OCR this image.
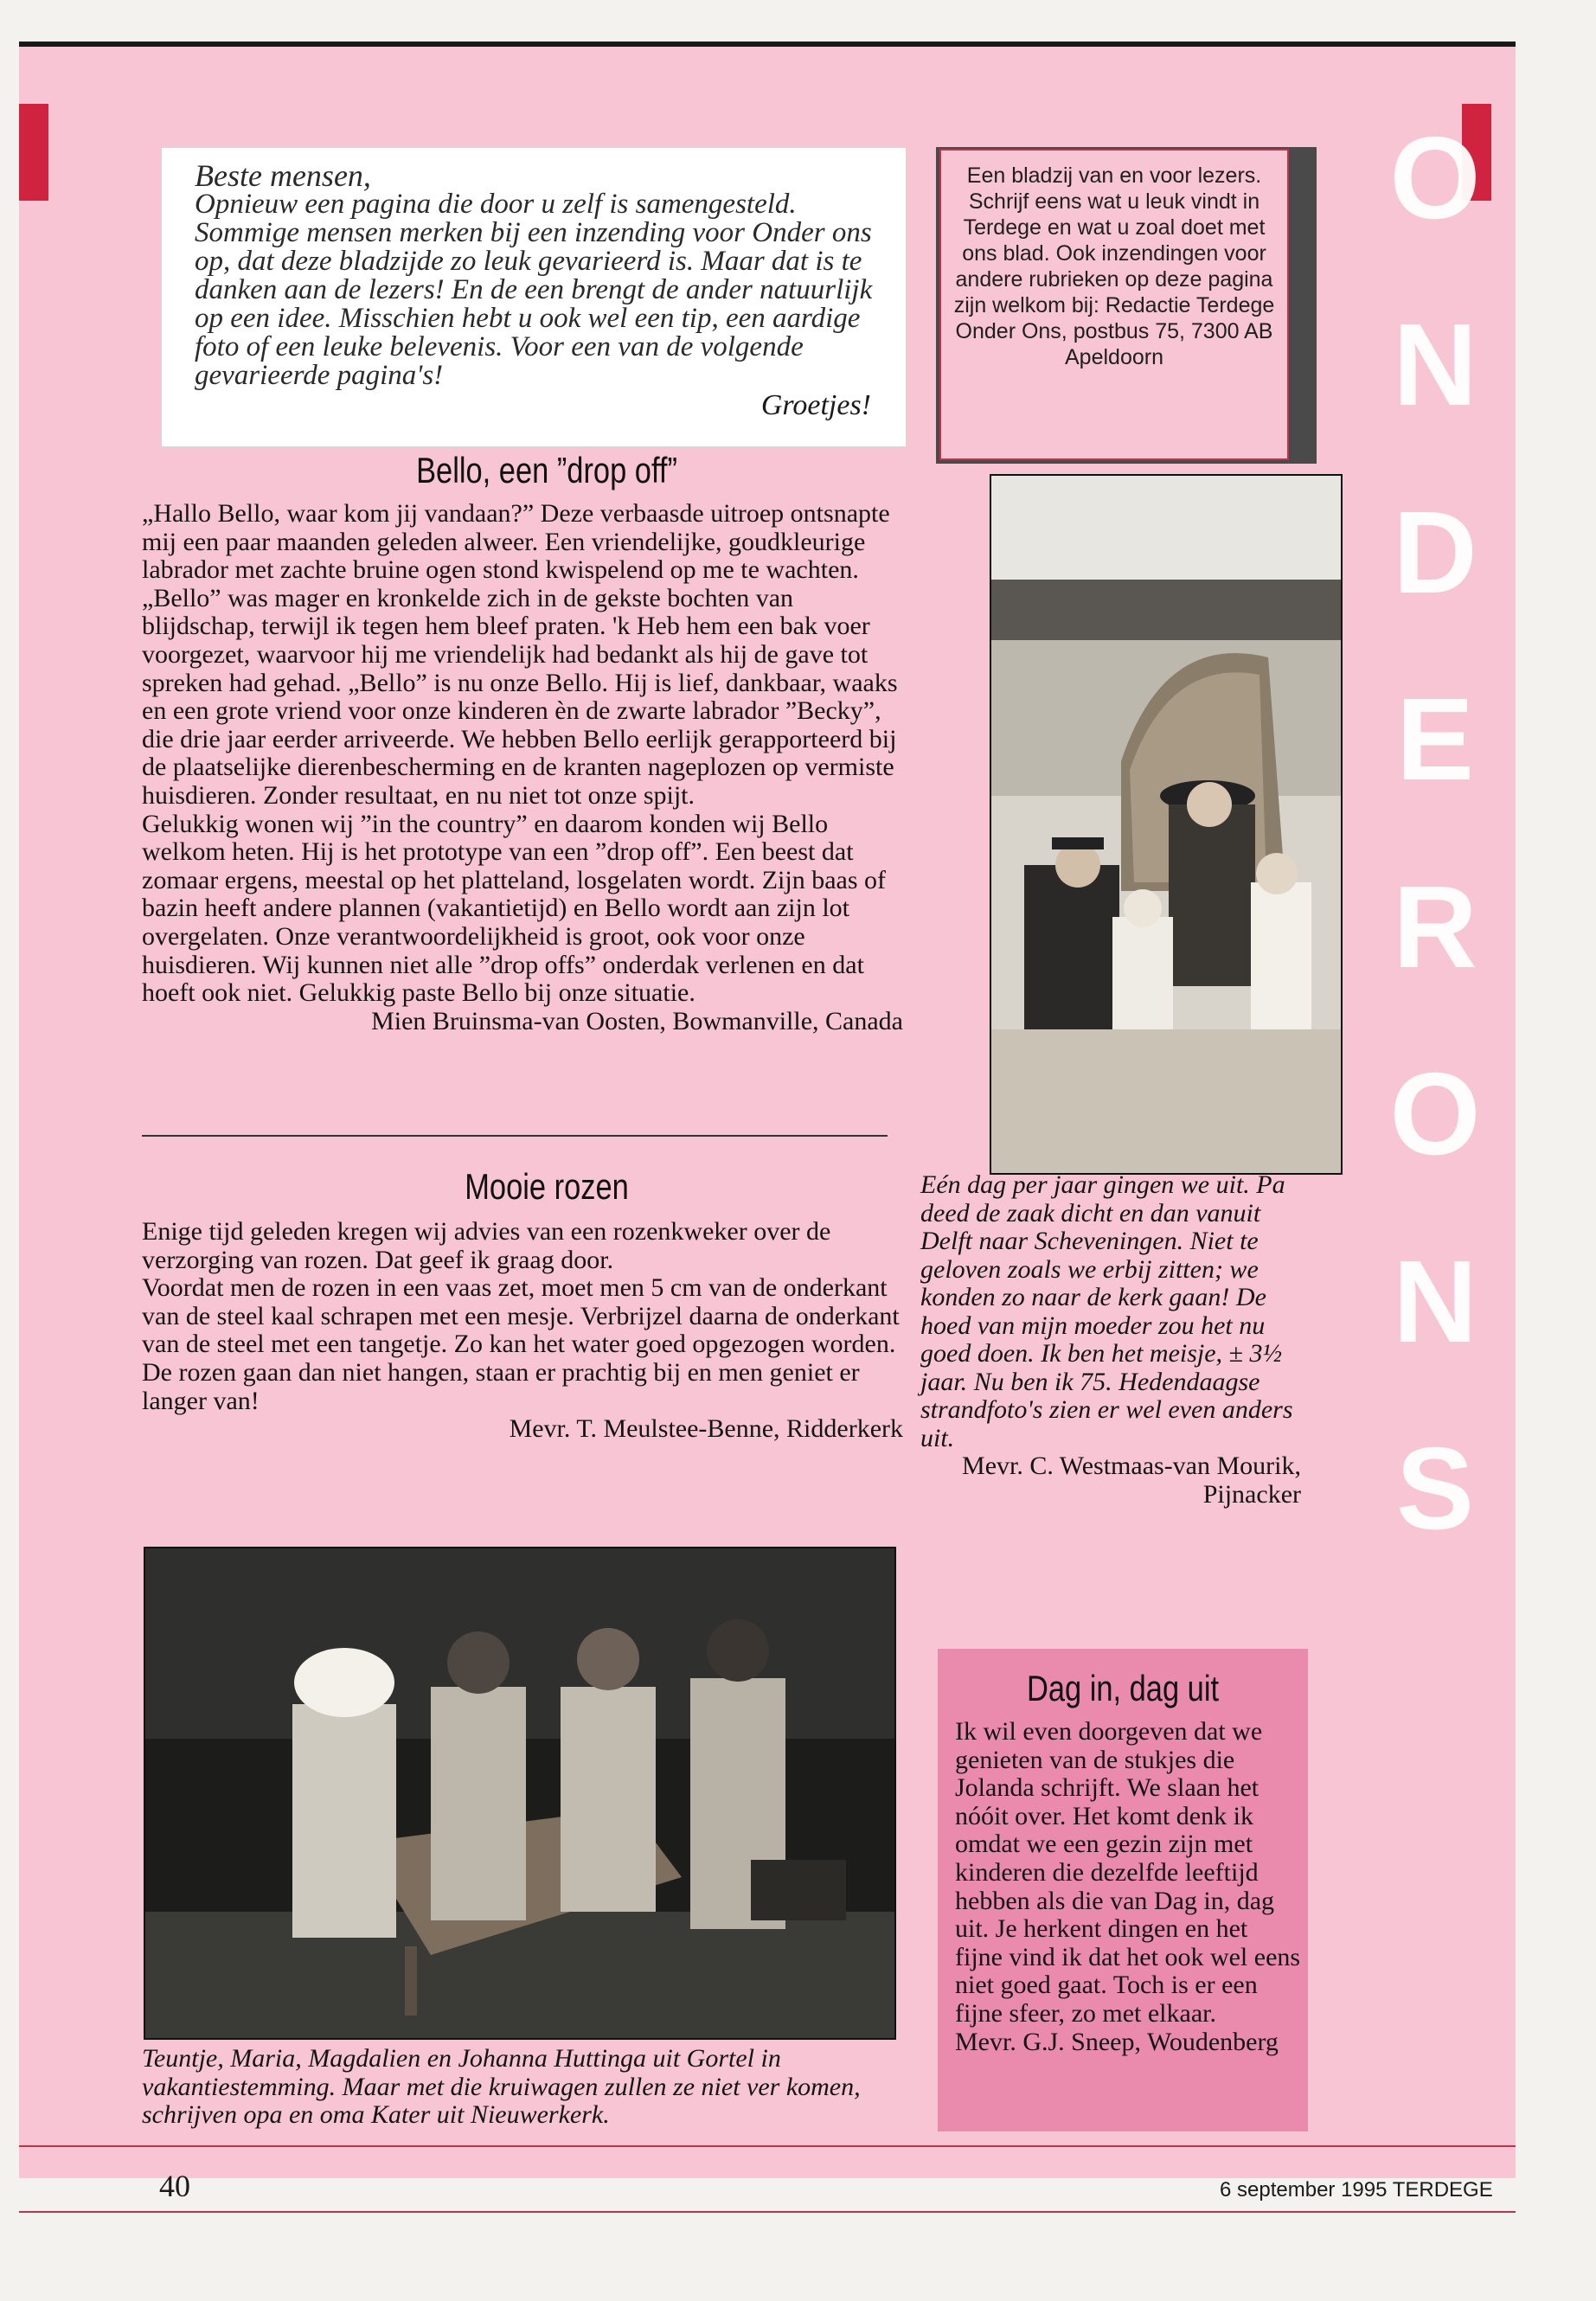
O
N
D
E
R
O
N
S
Beste mensen,
Opnieuw een pagina die door u zelf is samengesteld. Sommige mensen merken bij een inzending voor Onder ons op, dat deze bladzijde zo leuk gevarieerd is. Maar dat is te danken aan de lezers! En de een brengt de ander natuurlijk op een idee. Misschien hebt u ook wel een tip, een aardige foto of een leuke belevenis. Voor een van de volgende gevarieerde pagina's!
Groetjes!
Een bladzij van en voor lezers. Schrijf eens wat u leuk vindt in Terdege en wat u zoal doet met ons blad. Ook inzendingen voor andere rubrieken op deze pagina zijn welkom bij: Redactie Terdege Onder Ons, postbus 75, 7300 AB Apeldoorn
Bello, een ”drop off”

„Hallo Bello, waar kom jij vandaan?” Deze verbaasde uitroep ontsnapte mij een paar maanden geleden alweer. Een vriendelijke, goudkleurige labrador met zachte bruine ogen stond kwispelend op me te wachten. „Bello” was mager en kronkelde zich in de gekste bochten van blijdschap, terwijl ik tegen hem bleef praten. 'k Heb hem een bak voer voorgezet, waarvoor hij me vriendelijk had bedankt als hij de gave tot spreken had gehad. „Bello” is nu onze Bello. Hij is lief, dankbaar, waaks en een grote vriend voor onze kinderen èn de zwarte labrador ”Becky”, die drie jaar eerder arriveerde. We hebben Bello eerlijk gerapporteerd bij de plaatselijke dierenbescherming en de kranten nageplozen op vermiste huisdieren. Zonder resultaat, en nu niet tot onze spijt.

Gelukkig wonen wij ”in the country” en daarom konden wij Bello welkom heten. Hij is het prototype van een ”drop off”. Een beest dat zomaar ergens, meestal op het platteland, losgelaten wordt. Zijn baas of bazin heeft andere plannen (vakantietijd) en Bello wordt aan zijn lot overgelaten. Onze verantwoordelijkheid is groot, ook voor onze huisdieren. Wij kunnen niet alle ”drop offs” onderdak verlenen en dat hoeft ook niet. Gelukkig paste Bello bij onze situatie.

Mien Bruinsma-van Oosten, Bowmanville, Canada

Mooie rozen

Enige tijd geleden kregen wij advies van een rozenkweker over de verzorging van rozen. Dat geef ik graag door.

Voordat men de rozen in een vaas zet, moet men 5 cm van de onderkant van de steel kaal schrapen met een mesje. Verbrijzel daarna de onderkant van de steel met een tangetje. Zo kan het water goed opgezogen worden.

De rozen gaan dan niet hangen, staan er prachtig bij en men geniet er langer van!

Mevr. T. Meulstee-Benne, Ridderkerk

Eén dag per jaar gingen we uit. Pa deed de zaak dicht en dan vanuit Delft naar Scheveningen. Niet te geloven zoals we erbij zitten; we konden zo naar de kerk gaan! De hoed van mijn moeder zou het nu goed doen. Ik ben het meisje, ± 3½ jaar. Nu ben ik 75. Hedendaagse strandfoto's zien er wel even anders uit.
Mevr. C. Westmaas-van Mourik, Pijnacker
Teuntje, Maria, Magdalien en Johanna Huttinga uit Gortel in vakantiestemming. Maar met die kruiwagen zullen ze niet ver komen, schrijven opa en oma Kater uit Nieuwerkerk.
Dag in, dag uit

Ik wil even doorgeven dat we genieten van de stukjes die Jolanda schrijft. We slaan het nóóit over. Het komt denk ik omdat we een gezin zijn met kinderen die dezelfde leeftijd hebben als die van Dag in, dag uit. Je herkent dingen en het fijne vind ik dat het ook wel eens niet goed gaat. Toch is er een fijne sfeer, zo met elkaar.

Mevr. G.J. Sneep, Woudenberg

40	6 september 1995 TERDEGE
